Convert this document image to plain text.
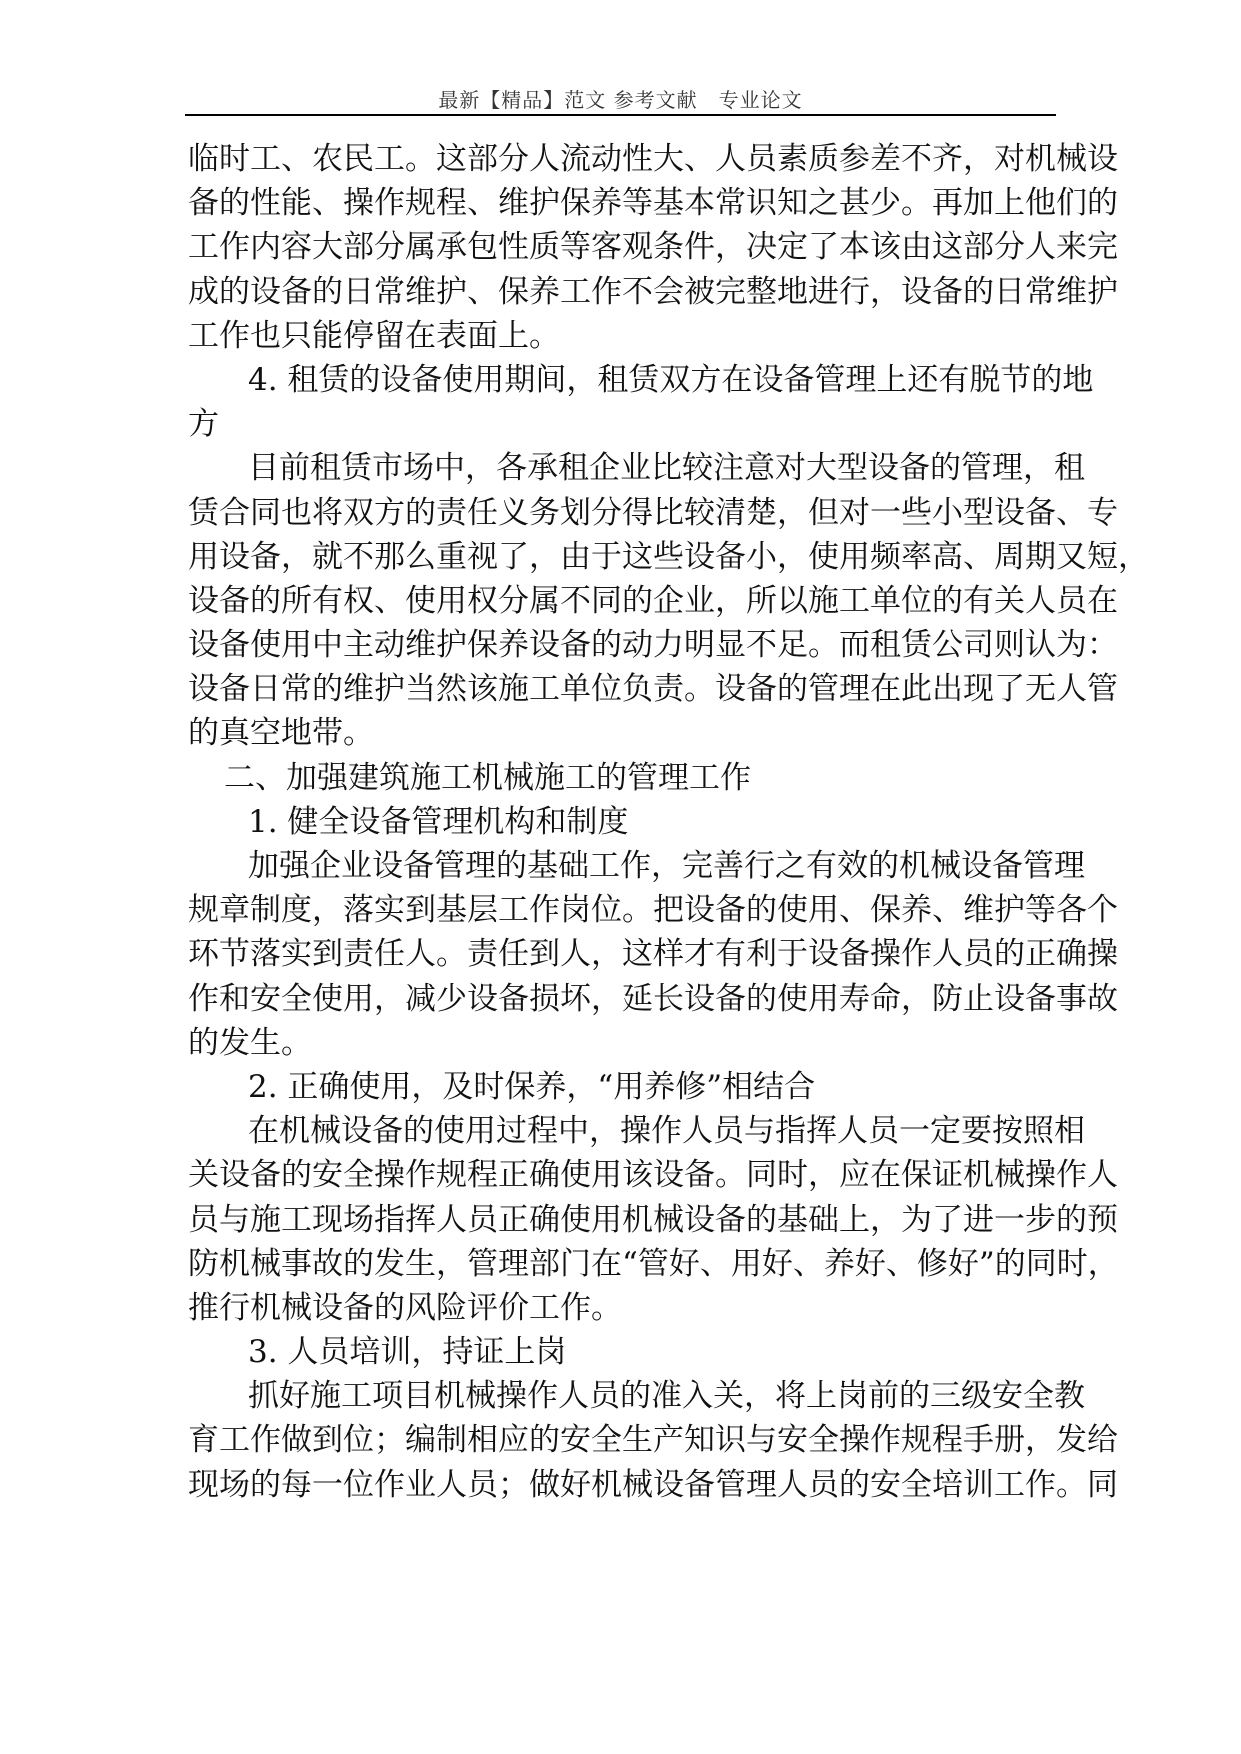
最新【精品】范文 参考文献　专业论文
临时工、农民工。这部分人流动性大、人员素质参差不齐，对机械设
备的性能、操作规程、维护保养等基本常识知之甚少。再加上他们的
工作内容大部分属承包性质等客观条件，决定了本该由这部分人来完
成的设备的日常维护、保养工作不会被完整地进行，设备的日常维护
工作也只能停留在表面上。
4. 租赁的设备使用期间，租赁双方在设备管理上还有脱节的地
方
目前租赁市场中，各承租企业比较注意对大型设备的管理，租
赁合同也将双方的责任义务划分得比较清楚，但对一些小型设备、专
用设备，就不那么重视了，由于这些设备小，使用频率高、周期又短，
设备的所有权、使用权分属不同的企业，所以施工单位的有关人员在
设备使用中主动维护保养设备的动力明显不足。而租赁公司则认为：
设备日常的维护当然该施工单位负责。设备的管理在此出现了无人管
的真空地带。
二、加强建筑施工机械施工的管理工作
1. 健全设备管理机构和制度
加强企业设备管理的基础工作，完善行之有效的机械设备管理
规章制度，落实到基层工作岗位。把设备的使用、保养、维护等各个
环节落实到责任人。责任到人，这样才有利于设备操作人员的正确操
作和安全使用，减少设备损坏，延长设备的使用寿命，防止设备事故
的发生。
2. 正确使用，及时保养，“用养修”相结合
在机械设备的使用过程中，操作人员与指挥人员一定要按照相
关设备的安全操作规程正确使用该设备。同时，应在保证机械操作人
员与施工现场指挥人员正确使用机械设备的基础上，为了进一步的预
防机械事故的发生，管理部门在“管好、用好、养好、修好”的同时，
推行机械设备的风险评价工作。
3. 人员培训，持证上岗
抓好施工项目机械操作人员的准入关，将上岗前的三级安全教
育工作做到位；编制相应的安全生产知识与安全操作规程手册，发给
现场的每一位作业人员；做好机械设备管理人员的安全培训工作。同
